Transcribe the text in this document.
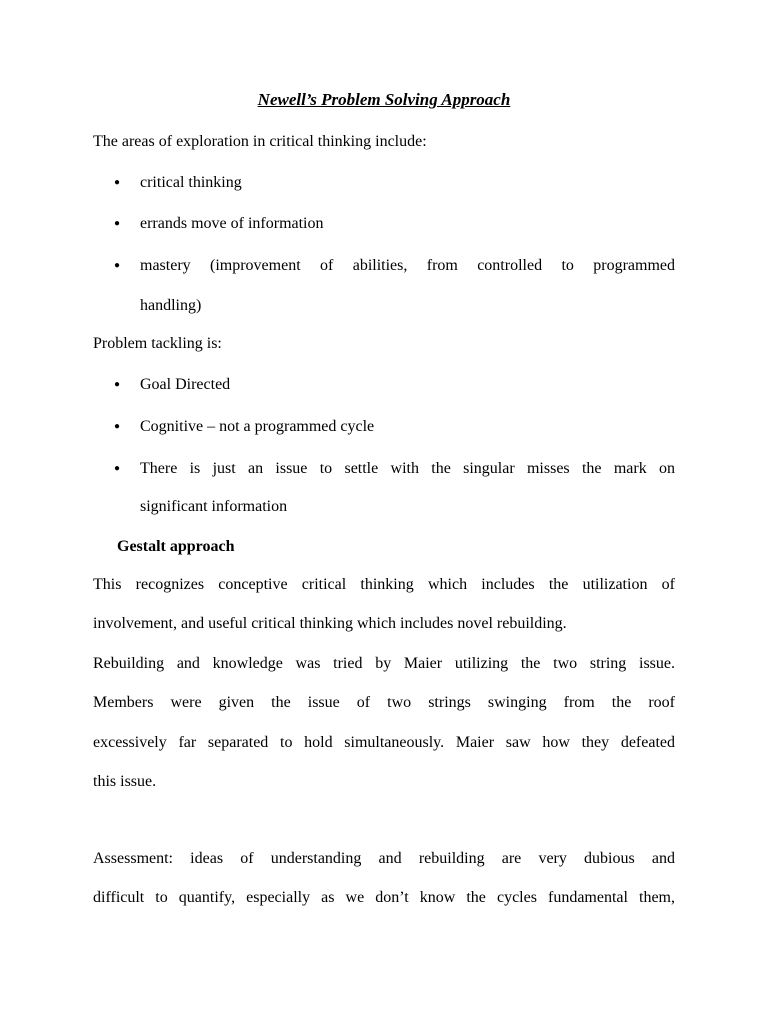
Newell’s Problem Solving Approach
The areas of exploration in critical thinking include:
● critical thinking
● errands move of information
● mastery (improvement of abilities, from controlled to programmed
handling)
Problem tackling is:
● Goal Directed
● Cognitive – not a programmed cycle
● There is just an issue to settle with the singular misses the mark on
significant information
Gestalt approach
This recognizes conceptive critical thinking which includes the utilization of
involvement, and useful critical thinking which includes novel rebuilding.
Rebuilding and knowledge was tried by Maier utilizing the two string issue.
Members were given the issue of two strings swinging from the roof
excessively far separated to hold simultaneously. Maier saw how they defeated
this issue.
Assessment: ideas of understanding and rebuilding are very dubious and
difficult to quantify, especially as we don’t know the cycles fundamental them,
